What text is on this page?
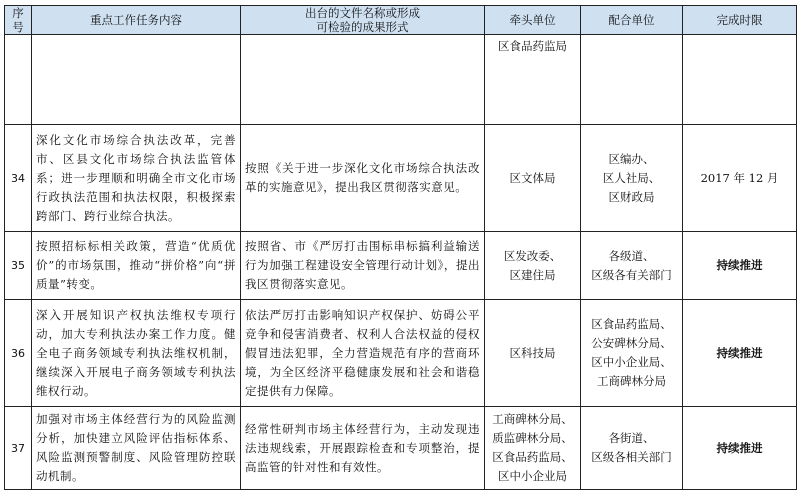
序号	重点工作任务内容	出台的文件名称或形成
可检验的成果形式	牵头单位	配合单位	完成时限

			区食品药监局		

34	深化文化市场综合执法改革，完善市、区县文化市场综合执法监管体系；进一步理顺和明确全市文化市场行政执法范围和执法权限，积极探索跨部门、跨行业综合执法。	按照《关于进一步深化文化市场综合执法改革的实施意见》，提出我区贯彻落实意见。	区文体局	区编办、
区人社局、
区财政局	2017 年 12 月
35	按照招标标相关政策，营造“优质优价”的市场氛围，推动“拼价格”向“拼质量”转变。	按照省、市《严厉打击围标串标搞利益输送行为加强工程建设安全管理行动计划》，提出我区贯彻落实意见。	区发改委、
区建住局	各级道、
区级各有关部门	持续推进
36	深入开展知识产权执法维权专项行动，加大专利执法办案工作力度。健全电子商务领域专利执法维权机制，继续深入开展电子商务领域专利执法维权行动。	依法严厉打击影响知识产权保护、妨碍公平竞争和侵害消费者、权利人合法权益的侵权假冒违法犯罪，全力营造规范有序的营商环境，为全区经济平稳健康发展和社会和谐稳定提供有力保障。	区科技局	区食品药监局、
公安碑林分局、
区中小企业局、
工商碑林分局	持续推进
37	加强对市场主体经营行为的风险监测分析，加快建立风险评估指标体系、风险监测预警制度、风险管理防控联动机制。	经常性研判市场主体经营行为，主动发现违法违规线索，开展跟踪检查和专项整治，提高监管的针对性和有效性。	工商碑林分局、
质监碑林分局、
区食品药监局、
区中小企业局	各街道、
区级各相关部门	持续推进
